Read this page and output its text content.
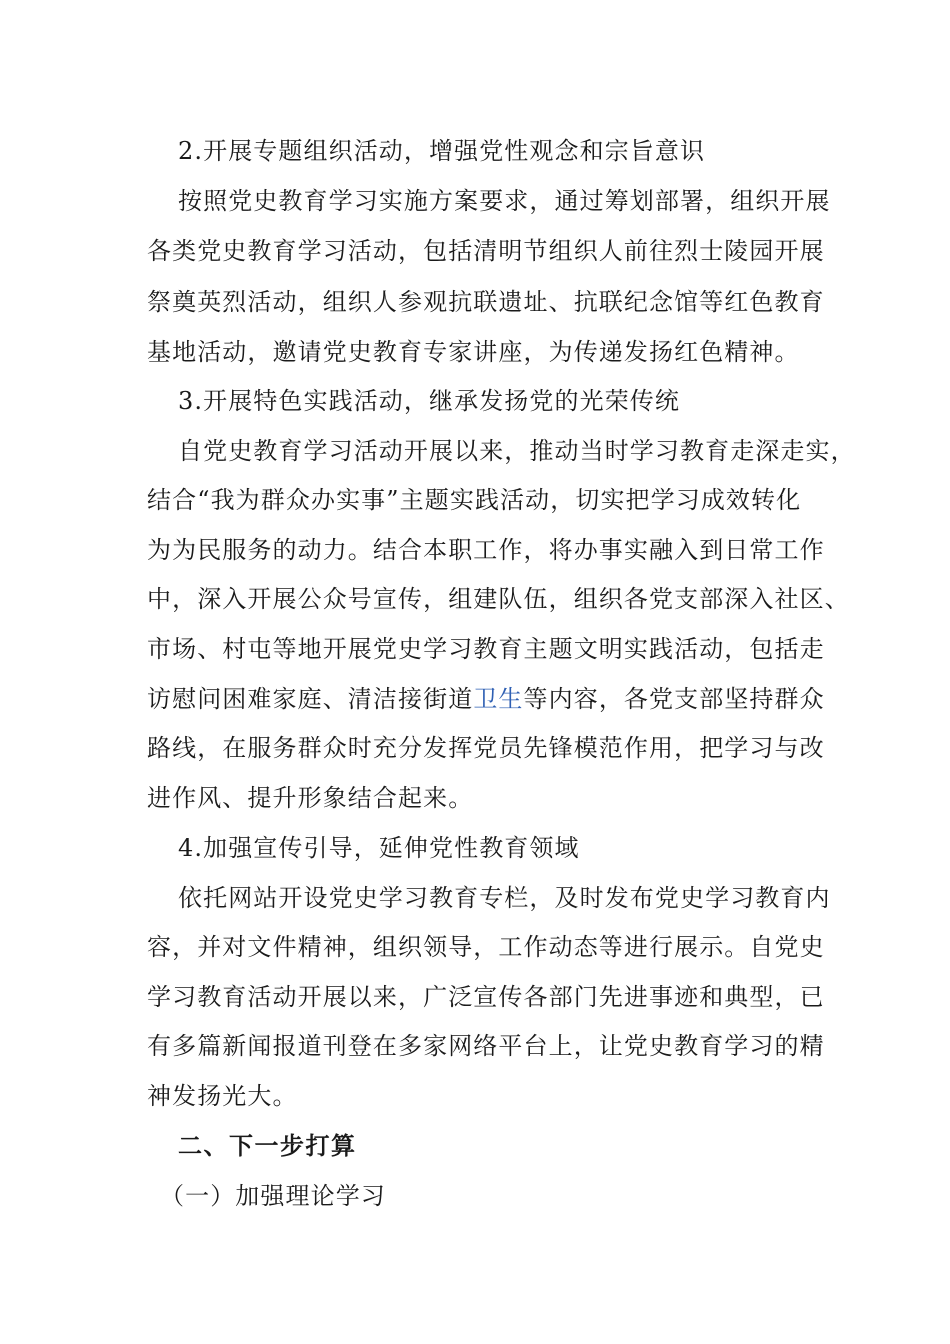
2.开展专题组织活动，增强党性观念和宗旨意识
按照党史教育学习实施方案要求，通过筹划部署，组织开展
各类党史教育学习活动，包括清明节组织人前往烈士陵园开展
祭奠英烈活动，组织人参观抗联遗址、抗联纪念馆等红色教育
基地活动，邀请党史教育专家讲座，为传递发扬红色精神。
3.开展特色实践活动，继承发扬党的光荣传统
自党史教育学习活动开展以来，推动当时学习教育走深走实，
结合“我为群众办实事”主题实践活动，切实把学习成效转化
为为民服务的动力。结合本职工作，将办事实融入到日常工作
中，深入开展公众号宣传，组建队伍，组织各党支部深入社区、
市场、村屯等地开展党史学习教育主题文明实践活动，包括走
访慰问困难家庭、清洁接街道卫生等内容，各党支部坚持群众
路线，在服务群众时充分发挥党员先锋模范作用，把学习与改
进作风、提升形象结合起来。
4.加强宣传引导，延伸党性教育领域
依托网站开设党史学习教育专栏，及时发布党史学习教育内
容，并对文件精神，组织领导，工作动态等进行展示。自党史
学习教育活动开展以来，广泛宣传各部门先进事迹和典型，已
有多篇新闻报道刊登在多家网络平台上，让党史教育学习的精
神发扬光大。
二、下一步打算
（一）加强理论学习
